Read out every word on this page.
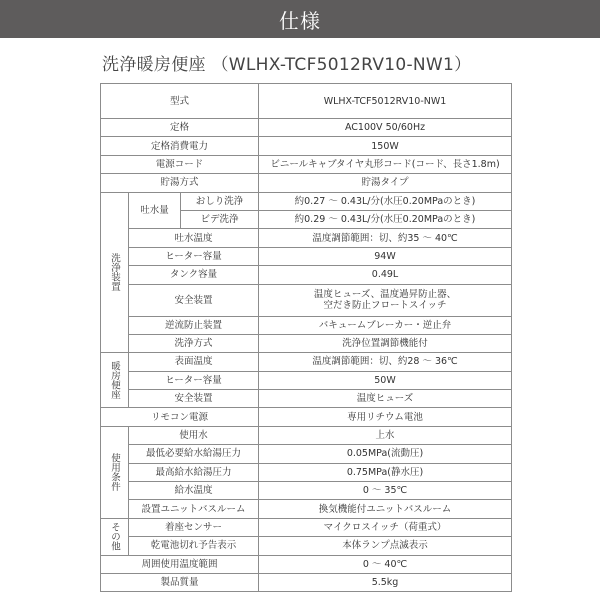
仕様
洗浄暖房便座 （WLHX-TCF5012RV10-NW1）
型式			WLHX-TCF5012RV10-NW1
定格			AC100V 50/60Hz
定格消費電力			150W
電源コード			ビニールキャブタイヤ丸形コード(コード、長さ1.8m)
貯湯方式			貯湯タイプ
洗浄装置	吐水量	おしり洗浄	約0.27 ～ 0.43L/分(水圧0.20MPaのとき)
		ビデ洗浄	約0.29 ～ 0.43L/分(水圧0.20MPaのとき)
	吐水温度		温度調節範囲：切、約35 ～ 40℃
	ヒーター容量		94W
	タンク容量		0.49L
	安全装置		温度ヒューズ、温度過昇防止器、
空だき防止フロートスイッチ

	逆流防止装置		バキュームブレーカー・逆止弁
	洗浄方式		洗浄位置調節機能付
暖房便座	表面温度		温度調節範囲：切、約28 ～ 36℃
	ヒーター容量		50W
	安全装置		温度ヒューズ
リモコン電源			専用リチウム電池
使用条件	使用水		上水
	最低必要給水給湯圧力		0.05MPa(流動圧)
	最高給水給湯圧力		0.75MPa(静水圧)
	給水温度		0 ～ 35℃
	設置ユニットバスルーム		換気機能付ユニットバスルーム
その他	着座センサー		マイクロスイッチ（荷重式）
	乾電池切れ予告表示		本体ランプ点滅表示
周囲使用温度範囲			0 ～ 40℃
製品質量			5.5kg
